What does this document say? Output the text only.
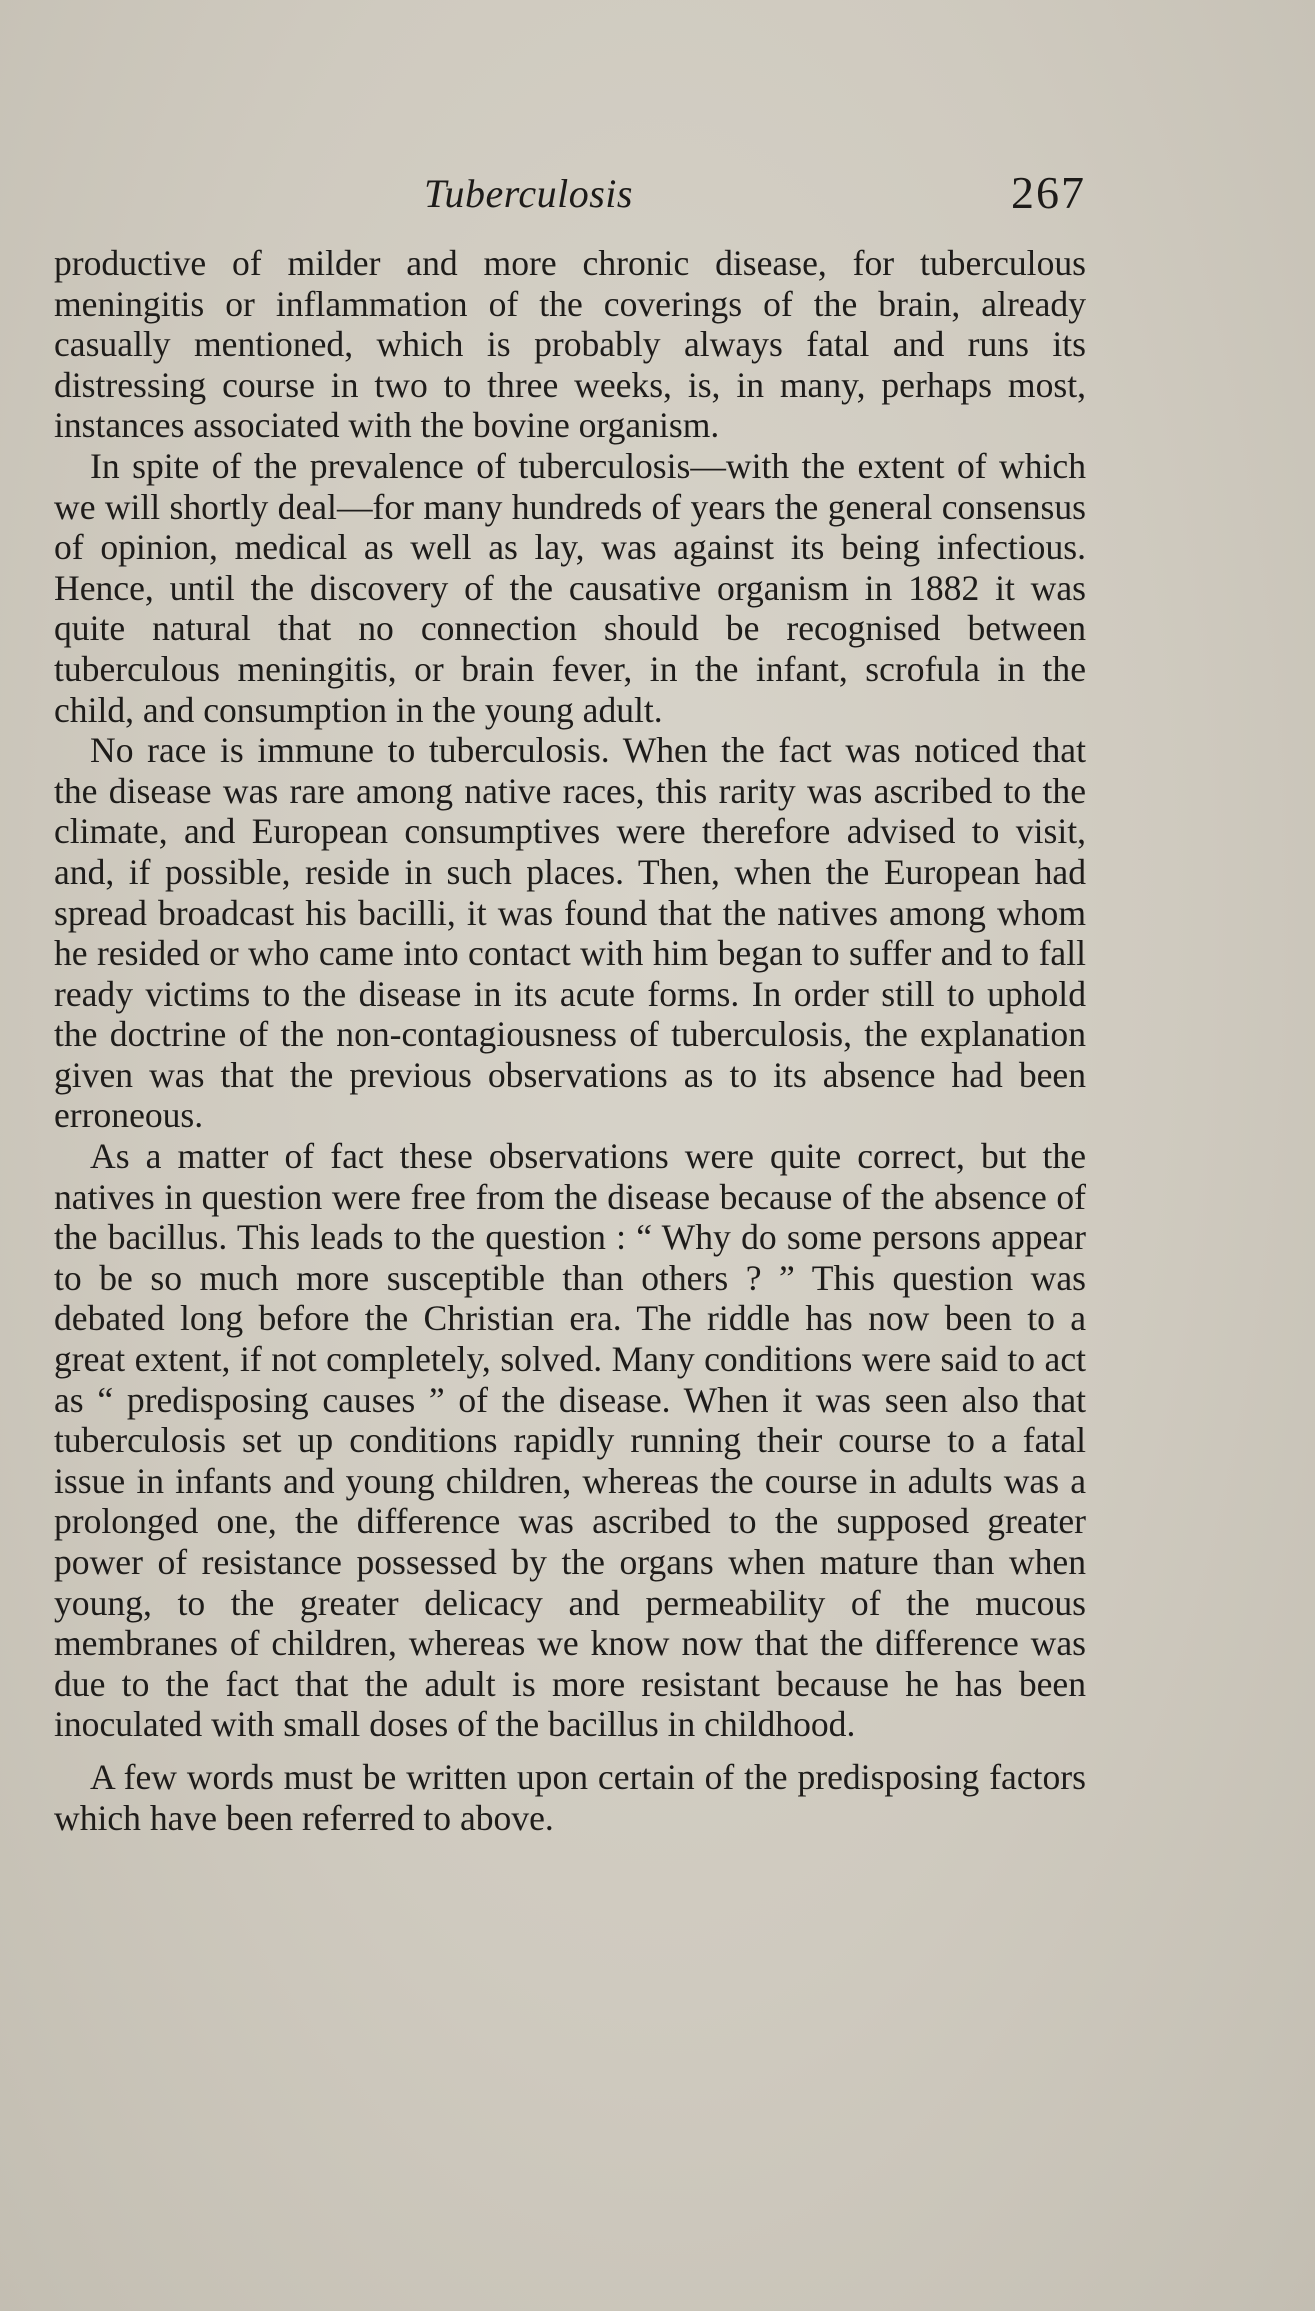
Tuberculosis	267

productive of milder and more chronic disease, for tuberculous meningitis or inflammation of the coverings of the brain, already casually mentioned, which is probably always fatal and runs its distressing course in two to three weeks, is, in many, perhaps most, instances associated with the bovine organism.

In spite of the prevalence of tuberculosis—with the extent of which we will shortly deal—for many hundreds of years the general consensus of opinion, medical as well as lay, was against its being infectious. Hence, until the discovery of the causative organism in 1882 it was quite natural that no connection should be recognised between tuberculous meningitis, or brain fever, in the infant, scrofula in the child, and consumption in the young adult.

No race is immune to tuberculosis. When the fact was noticed that the disease was rare among native races, this rarity was ascribed to the climate, and European consumptives were therefore advised to visit, and, if possible, reside in such places. Then, when the European had spread broadcast his bacilli, it was found that the natives among whom he resided or who came into contact with him began to suffer and to fall ready victims to the disease in its acute forms. In order still to uphold the doctrine of the non-contagiousness of tuberculosis, the explanation given was that the previous observations as to its absence had been erroneous.

As a matter of fact these observations were quite correct, but the natives in question were free from the disease because of the absence of the bacillus. This leads to the question : “ Why do some persons appear to be so much more susceptible than others ? ” This question was debated long before the Christian era. The riddle has now been to a great extent, if not completely, solved. Many conditions were said to act as “ predisposing causes ” of the disease. When it was seen also that tuberculosis set up conditions rapidly running their course to a fatal issue in infants and young children, whereas the course in adults was a prolonged one, the difference was ascribed to the supposed greater power of resistance possessed by the organs when mature than when young, to the greater delicacy and permeability of the mucous membranes of children, whereas we know now that the difference was due to the fact that the adult is more resistant because he has been inoculated with small doses of the bacillus in childhood.

A few words must be written upon certain of the predisposing factors which have been referred to above.
